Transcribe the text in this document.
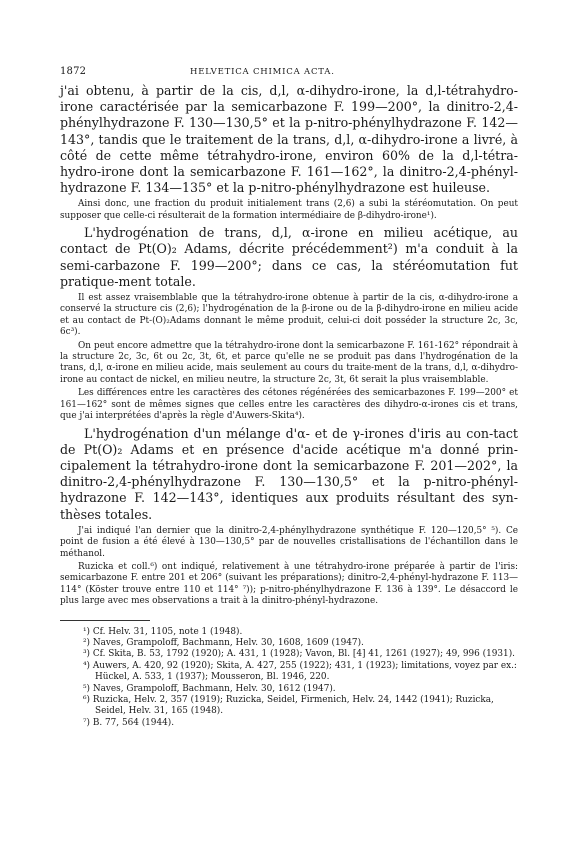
1872	HELVETICA CHIMICA ACTA.

j'ai obtenu, à partir de la cis, d,l, α-dihydro-irone, la d,l-tétrahydro-irone caractérisée par la semicarbazone F. 199—200°, la dinitro-2,4-phénylhydrazone F. 130—130,5° et la p-nitro-phénylhydrazone F. 142—143°, tandis que le traitement de la trans, d,l, α-dihydro-irone a livré, à côté de cette même tétrahydro-irone, environ 60% de la d,l-tétra-hydro-irone dont la semicarbazone F. 161—162°, la dinitro-2,4-phényl-hydrazone F. 134—135° et la p-nitro-phénylhydrazone est huileuse.

Ainsi donc, une fraction du produit initialement trans (2,6) a subi la stéréomutation. On peut supposer que celle-ci résulterait de la formation intermédiaire de β-dihydro-irone¹).

L'hydrogénation de trans, d,l, α-irone en milieu acétique, au contact de Pt(O)₂ Adams, décrite précédemment²) m'a conduit à la semi-carbazone F. 199—200°; dans ce cas, la stéréomutation fut pratique-ment totale.

Il est assez vraisemblable que la tétrahydro-irone obtenue à partir de la cis, α-dihydro-irone a conservé la structure cis (2,6); l'hydrogénation de la β-irone ou de la β-dihydro-irone en milieu acide et au contact de Pt-(O)₂Adams donnant le même produit, celui-ci doit posséder la structure 2c, 3c, 6c³).

On peut encore admettre que la tétrahydro-irone dont la semicarbazone F. 161-162° répondrait à la structure 2c, 3c, 6t ou 2c, 3t, 6t, et parce qu'elle ne se produit pas dans l'hydrogénation de la trans, d,l, α-irone en milieu acide, mais seulement au cours du traite-ment de la trans, d,l, α-dihydro-irone au contact de nickel, en milieu neutre, la structure 2c, 3t, 6t serait la plus vraisemblable.

Les différences entre les caractères des cétones régénérées des semicarbazones F. 199—200° et 161—162° sont de mêmes signes que celles entre les caractères des dihydro-α-irones cis et trans, que j'ai interprétées d'après la règle d'Auwers-Skita⁴).

L'hydrogénation d'un mélange d'α- et de γ-irones d'iris au con-tact de Pt(O)₂ Adams et en présence d'acide acétique m'a donné prin-cipalement la tétrahydro-irone dont la semicarbazone F. 201—202°, la dinitro-2,4-phénylhydrazone F. 130—130,5° et la p-nitro-phényl-hydrazone F. 142—143°, identiques aux produits résultant des syn-thèses totales.

J'ai indiqué l'an dernier que la dinitro-2,4-phénylhydrazone synthétique F. 120—120,5° ⁵). Ce point de fusion a été élevé à 130—130,5° par de nouvelles cristallisations de l'échantillon dans le méthanol.

Ruzicka et coll.⁶) ont indiqué, relativement à une tétrahydro-irone préparée à partir de l'iris: semicarbazone F. entre 201 et 206° (suivant les préparations); dinitro-2,4-phényl-hydrazone F. 113—114° (Köster trouve entre 110 et 114° ⁷)); p-nitro-phénylhydrazone F. 136 à 139°. Le désaccord le plus large avec mes observations a trait à la dinitro-phényl-hydrazone.

¹) Cf. Helv. 31, 1105, note 1 (1948).

²) Naves, Grampoloff, Bachmann, Helv. 30, 1608, 1609 (1947).

³) Cf. Skita, B. 53, 1792 (1920); A. 431, 1 (1928); Vavon, Bl. [4] 41, 1261 (1927); 49, 996 (1931).

⁴) Auwers, A. 420, 92 (1920); Skita, A. 427, 255 (1922); 431, 1 (1923); limitations, voyez par ex.: Hückel, A. 533, 1 (1937); Mousseron, Bl. 1946, 220.

⁵) Naves, Grampoloff, Bachmann, Helv. 30, 1612 (1947).

⁶) Ruzicka, Helv. 2, 357 (1919); Ruzicka, Seidel, Firmenich, Helv. 24, 1442 (1941); Ruzicka, Seidel, Helv. 31, 165 (1948).

⁷) B. 77, 564 (1944).
